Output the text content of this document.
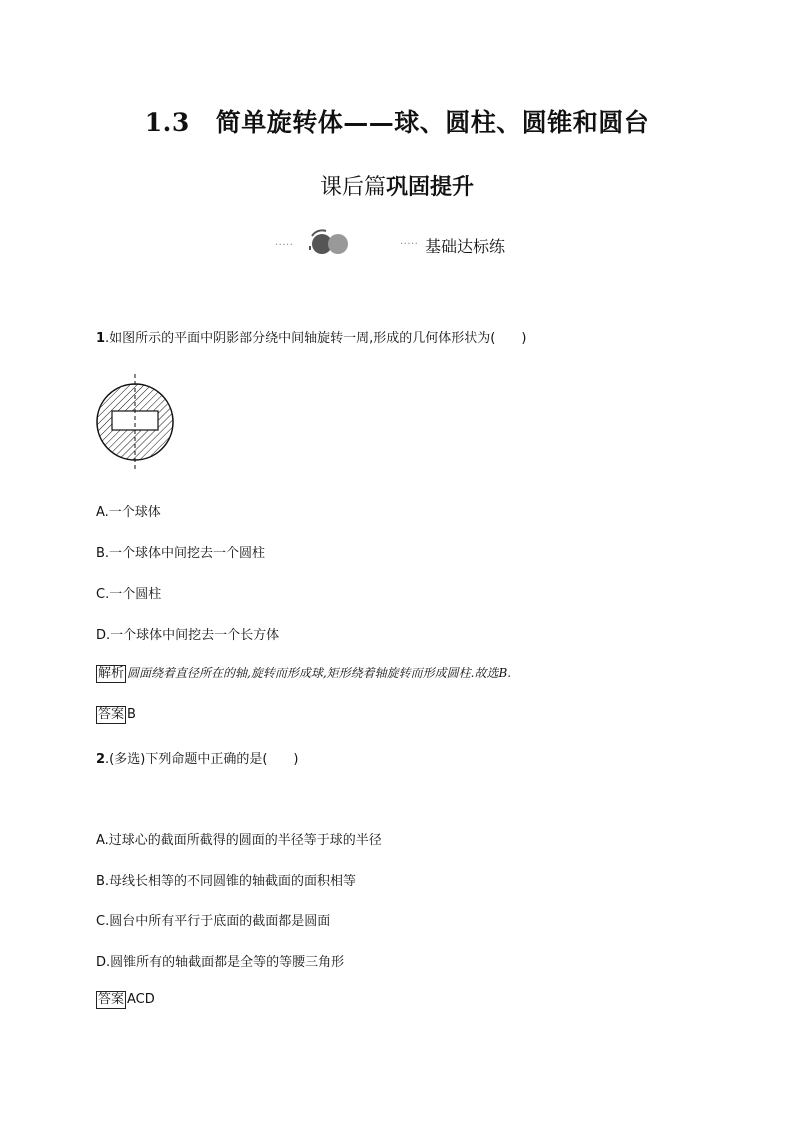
1.3 简单旋转体——球、圆柱、圆锥和圆台
课后篇巩固提升
·····	····· 基础达标练
1.如图所示的平面中阴影部分绕中间轴旋转一周,形成的几何体形状为(　　)
A.一个球体
B.一个球体中间挖去一个圆柱
C.一个圆柱
D.一个球体中间挖去一个长方体
解析 圆面绕着直径所在的轴,旋转而形成球,矩形绕着轴旋转而形成圆柱.故选B.
答案 B
2.(多选)下列命题中正确的是(　　)
A.过球心的截面所截得的圆面的半径等于球的半径
B.母线长相等的不同圆锥的轴截面的面积相等
C.圆台中所有平行于底面的截面都是圆面
D.圆锥所有的轴截面都是全等的等腰三角形
答案 ACD
